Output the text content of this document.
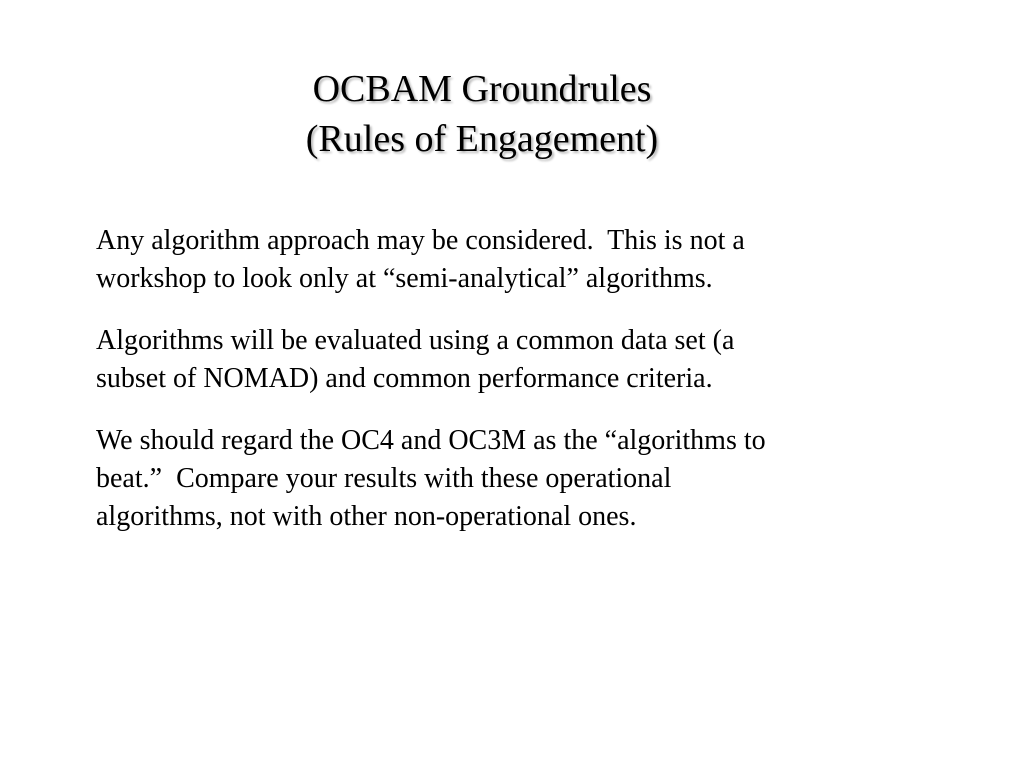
OCBAM Groundrules
(Rules of Engagement)
Any algorithm approach may be considered.  This is not a
workshop to look only at “semi-analytical” algorithms.
Algorithms will be evaluated using a common data set (a
subset of NOMAD) and common performance criteria.
We should regard the OC4 and OC3M as the “algorithms to
beat.”  Compare your results with these operational
algorithms, not with other non-operational ones.
